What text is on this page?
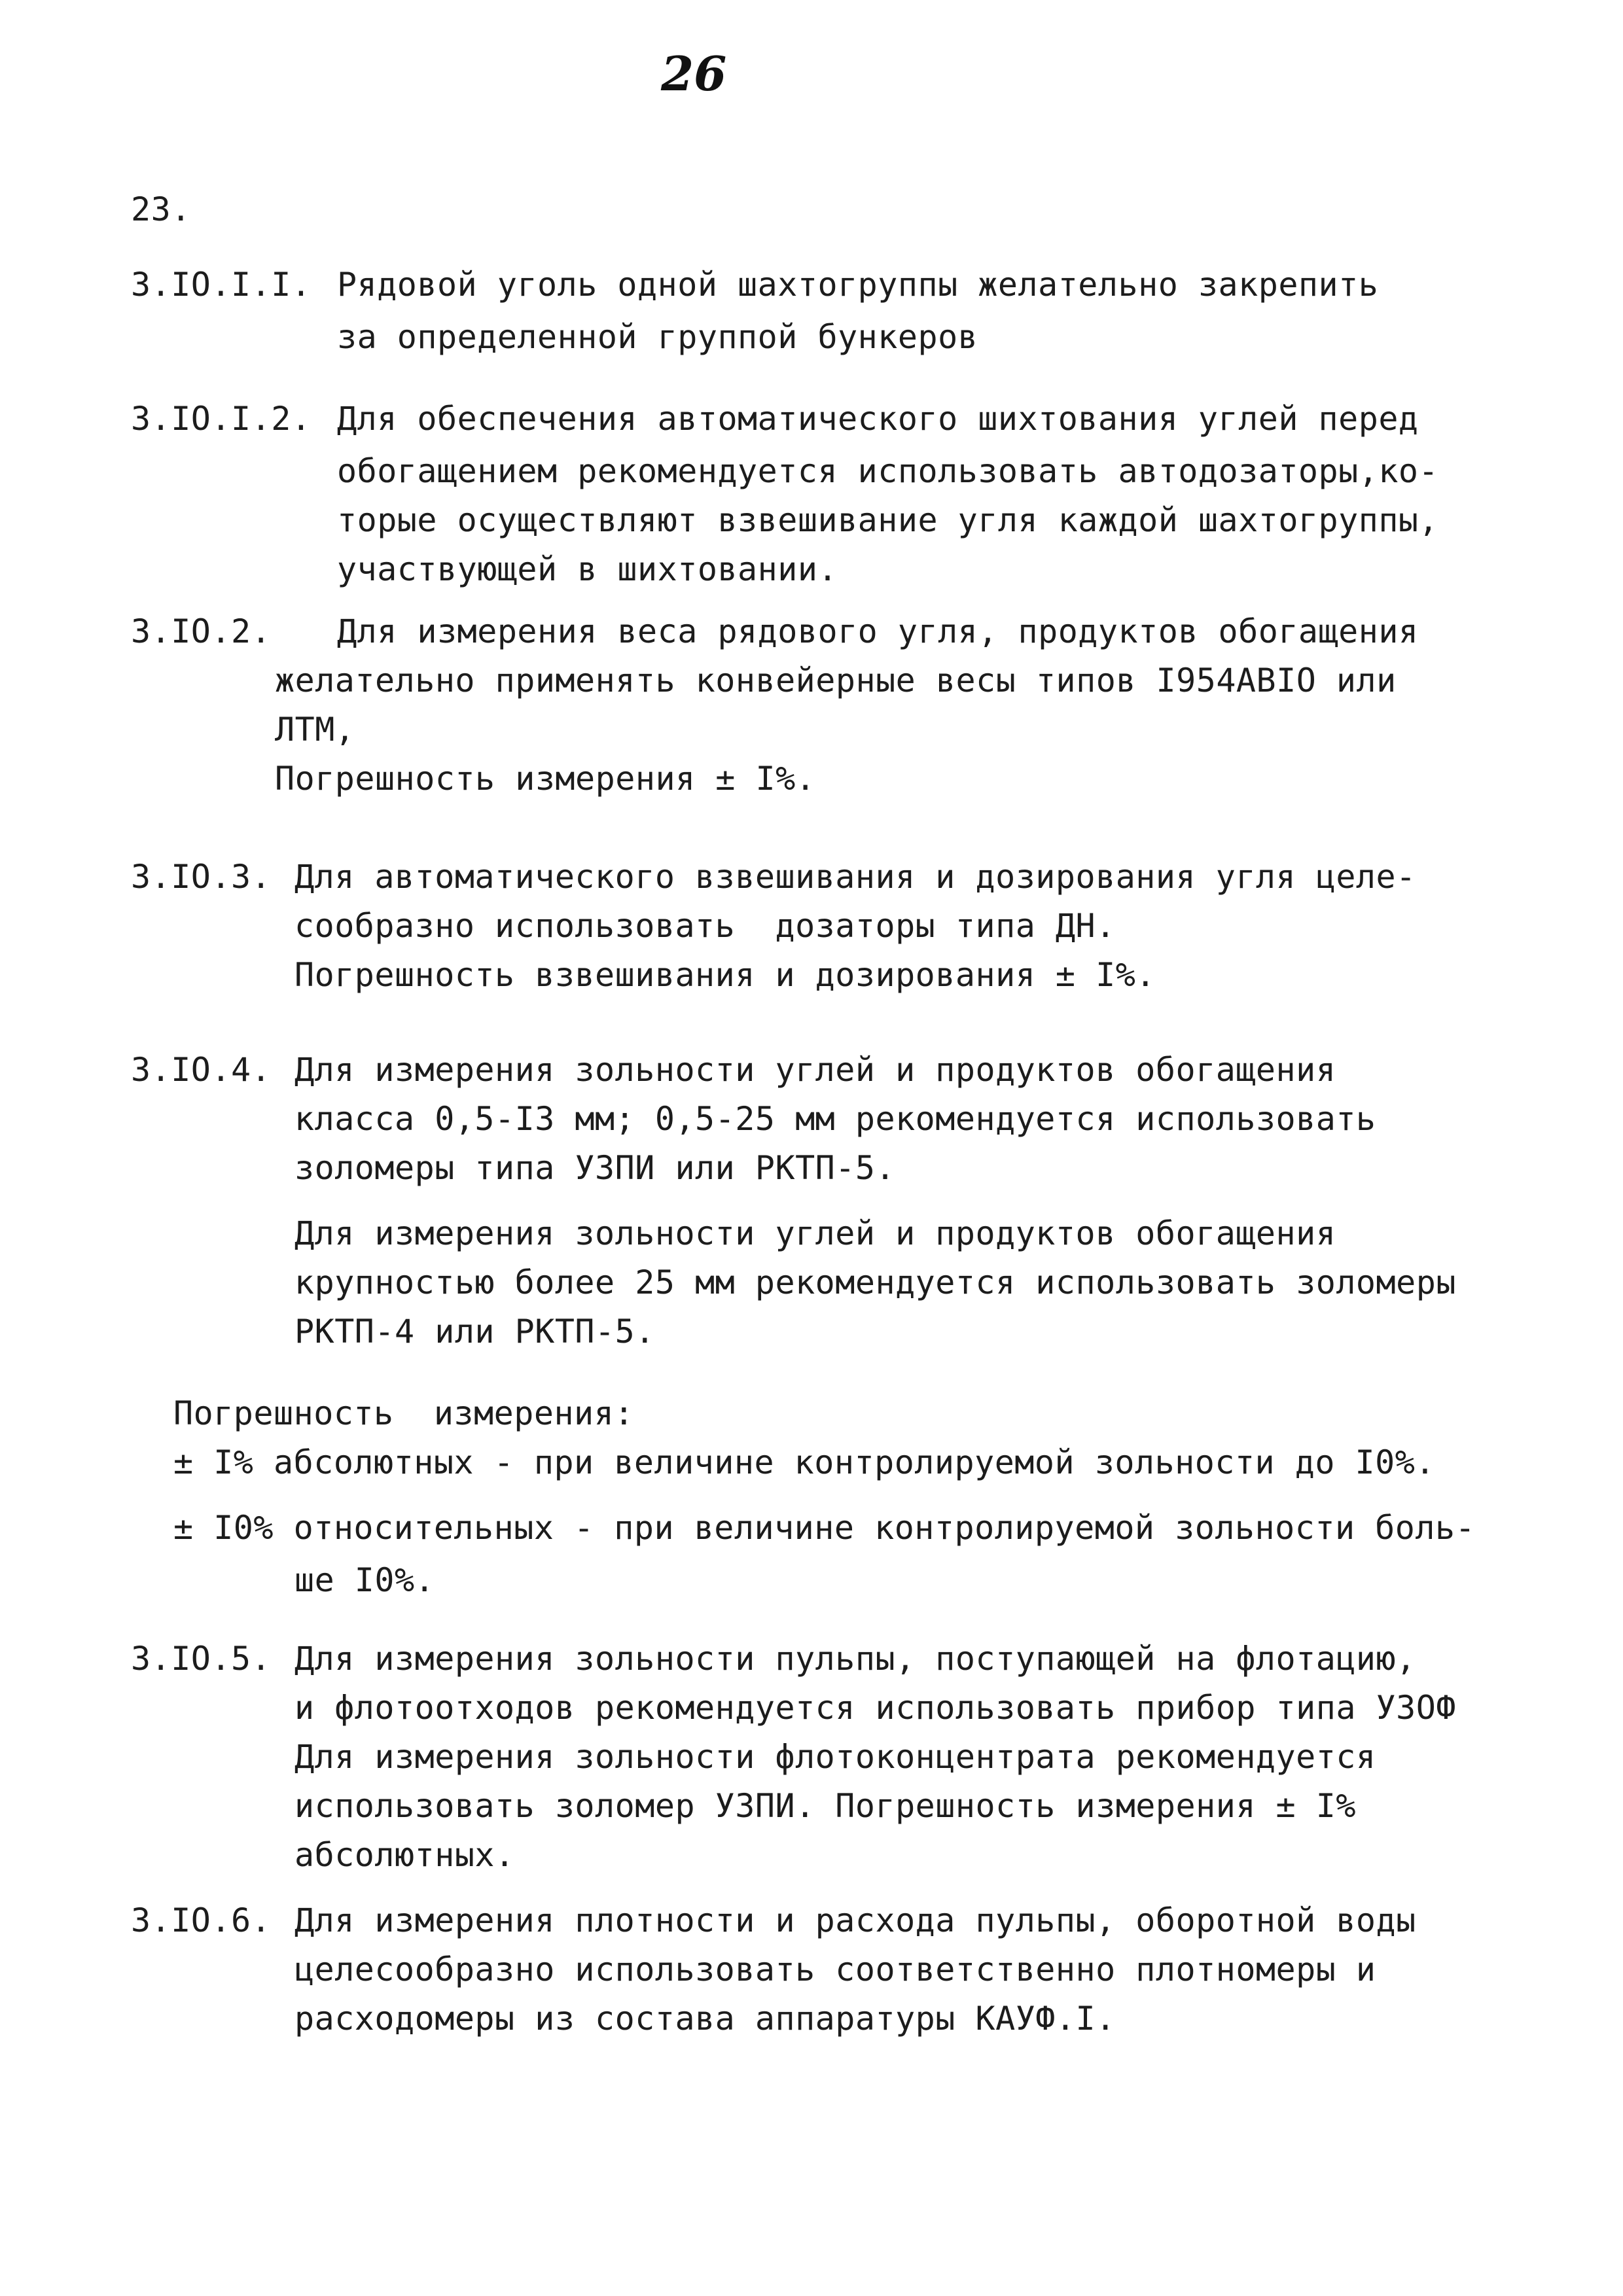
26
23.
3.IO.I.I. Рядовой уголь одной шахтогруппы желательно закрепить
за определенной группой бункеров
3.IO.I.2. Для обеспечения автоматического шихтования углей перед
обогащением рекомендуется использовать автодозаторы,ко-
торые осуществляют взвешивание угля каждой шахтогруппы,
участвующей в шихтовании.
3.IO.2. Для измерения веса рядового угля, продуктов обогащения
желательно применять конвейерные весы типов I954ABIO или
ЛТМ,
Погрешность измерения ± I%.
3.IO.3. Для автоматического взвешивания и дозирования угля целе-
сообразно использовать  дозаторы типа ДН.
Погрешность взвешивания и дозирования ± I%.
3.IO.4. Для измерения зольности углей и продуктов обогащения
класса 0,5-I3 мм; 0,5-25 мм рекомендуется использовать
золомеры типа УЗПИ или РКТП-5.
Для измерения зольности углей и продуктов обогащения
крупностью более 25 мм рекомендуется использовать золомеры
РКТП-4 или РКТП-5.
Погрешность  измерения:
± I% абсолютных - при величине контролируемой зольности до I0%.
± I0% относительных - при величине контролируемой зольности боль-
ше I0%.
3.IO.5. Для измерения зольности пульпы, поступающей на флотацию,
и флотоотходов рекомендуется использовать прибор типа УЗОФ
Для измерения зольности флотоконцентрата рекомендуется
использовать золомер УЗПИ. Погрешность измерения ± I%
абсолютных.
3.IO.6. Для измерения плотности и расхода пульпы, оборотной воды
целесообразно использовать соответственно плотномеры и
расходомеры из состава аппаратуры КАУФ.I.
